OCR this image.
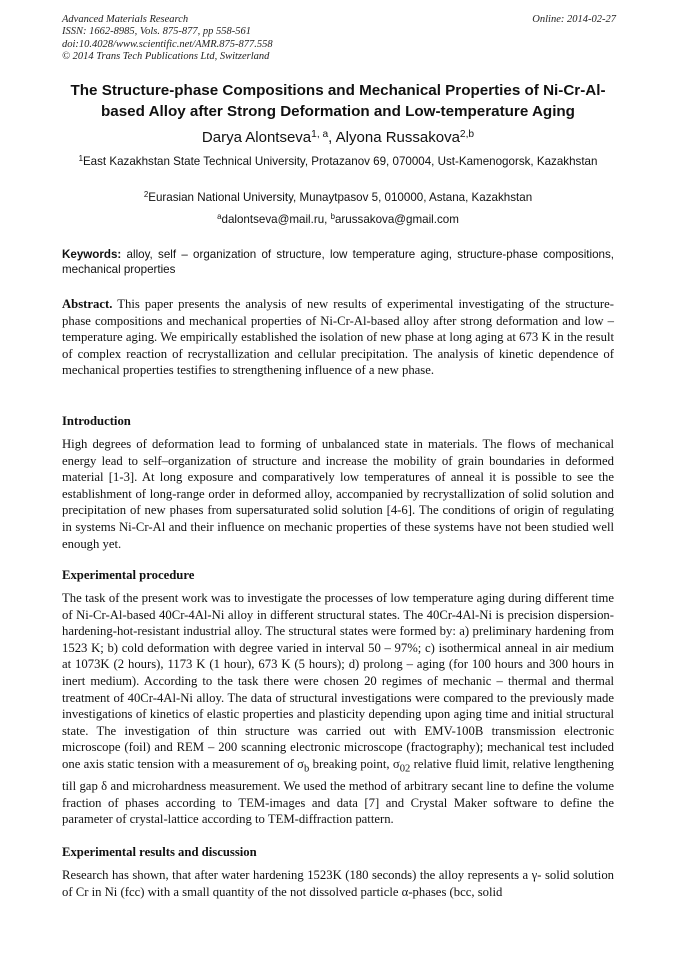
Advanced Materials Research
ISSN: 1662-8985, Vols. 875-877, pp 558-561
doi:10.4028/www.scientific.net/AMR.875-877.558
© 2014 Trans Tech Publications Ltd, Switzerland
Online: 2014-02-27
The Structure-phase Compositions and Mechanical Properties of Ni-Cr-Al-based Alloy after Strong Deformation and Low-temperature Aging
Darya Alontseva$^{1, a}$, Alyona Russakova$^{2,b}$
$^1$East Kazakhstan State Technical University, Protazanov 69, 070004, Ust-Kamenogorsk, Kazakhstan
$^2$Eurasian National University, Munaytpasov 5, 010000, Astana, Kazakhstan
$^a$dalontseva@mail.ru, $^b$arussakova@gmail.com
Keywords: alloy, self – organization of structure, low temperature aging, structure-phase compositions, mechanical properties
Abstract. This paper presents the analysis of new results of experimental investigating of the structure-phase compositions and mechanical properties of Ni-Cr-Al-based alloy after strong deformation and low – temperature aging. We empirically established the isolation of new phase at long aging at 673 K in the result of complex reaction of recrystallization and cellular precipitation. The analysis of kinetic dependence of mechanical properties testifies to strengthening influence of a new phase.
Introduction
High degrees of deformation lead to forming of unbalanced state in materials. The flows of mechanical energy lead to self–organization of structure and increase the mobility of grain boundaries in deformed material [1-3]. At long exposure and comparatively low temperatures of anneal it is possible to see the establishment of long-range order in deformed alloy, accompanied by recrystallization of solid solution and precipitation of new phases from supersaturated solid solution [4-6]. The conditions of origin of regulating in systems Ni-Cr-Al and their influence on mechanic properties of these systems have not been studied well enough yet.
Experimental procedure
The task of the present work was to investigate the processes of low temperature aging during different time of Ni-Cr-Al-based 40Cr-4Al-Ni alloy in different structural states. The 40Cr-4Al-Ni is precision dispersion-hardening-hot-resistant industrial alloy. The structural states were formed by: a) preliminary hardening from 1523 K; b) cold deformation with degree varied in interval 50 – 97%; c) isothermical anneal in air medium at 1073K (2 hours), 1173 K (1 hour), 673 K (5 hours); d) prolong – aging (for 100 hours and 300 hours in inert medium). According to the task there were chosen 20 regimes of mechanic – thermal and thermal treatment of 40Cr-4Al-Ni alloy. The data of structural investigations were compared to the previously made investigations of kinetics of elastic properties and plasticity depending upon aging time and initial structural state. The investigation of thin structure was carried out with EMV-100B transmission electronic microscope (foil) and REM – 200 scanning electronic microscope (fractography); mechanical test included one axis static tension with a measurement of $\sigma_b$ breaking point, $\sigma_{02}$ relative fluid limit, relative lengthening till gap δ and microhardness measurement. We used the method of arbitrary secant line to define the volume fraction of phases according to TEM-images and data [7] and Crystal Maker software to define the parameter of crystal-lattice according to TEM-diffraction pattern.
Experimental results and discussion
Research has shown, that after water hardening 1523K (180 seconds) the alloy represents a γ- solid solution of Cr in Ni (fcc) with a small quantity of the not dissolved particle α-phases (bcc, solid
